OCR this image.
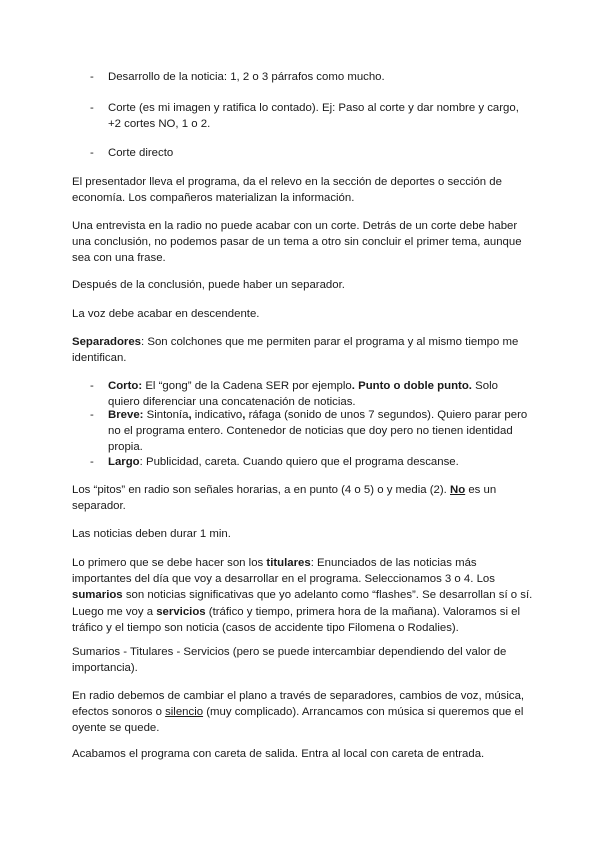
- Desarrollo de la noticia: 1, 2 o 3 párrafos como mucho.
- Corte (es mi imagen y ratifica lo contado). Ej: Paso al corte y dar nombre y cargo, +2 cortes NO, 1 o 2.
- Corte directo

El presentador lleva el programa, da el relevo en la sección de deportes o sección de economía. Los compañeros materializan la información.

Una entrevista en la radio no puede acabar con un corte. Detrás de un corte debe haber una conclusión, no podemos pasar de un tema a otro sin concluir el primer tema, aunque sea con una frase.

Después de la conclusión, puede haber un separador.

La voz debe acabar en descendente.

Separadores: Son colchones que me permiten parar el programa y al mismo tiempo me identifican.

- Corto: El “gong” de la Cadena SER por ejemplo. Punto o doble punto. Solo quiero diferenciar una concatenación de noticias.
- Breve: Sintonía, indicativo, ráfaga (sonido de unos 7 segundos). Quiero parar pero no el programa entero. Contenedor de noticias que doy pero no tienen identidad propia.
- Largo: Publicidad, careta. Cuando quiero que el programa descanse.

Los “pitos” en radio son señales horarias, a en punto (4 o 5) o y media (2). No es un separador.

Las noticias deben durar 1 min.

Lo primero que se debe hacer son los titulares: Enunciados de las noticias más importantes del día que voy a desarrollar en el programa. Seleccionamos 3 o 4. Los sumarios son noticias significativas que yo adelanto como “flashes”. Se desarrollan sí o sí. Luego me voy a servicios (tráfico y tiempo, primera hora de la mañana). Valoramos si el tráfico y el tiempo son noticia (casos de accidente tipo Filomena o Rodalies).

Sumarios - Titulares - Servicios (pero se puede intercambiar dependiendo del valor de importancia).

En radio debemos de cambiar el plano a través de separadores, cambios de voz, música, efectos sonoros o silencio (muy complicado). Arrancamos con música si queremos que el oyente se quede.

Acabamos el programa con careta de salida. Entra al local con careta de entrada.
